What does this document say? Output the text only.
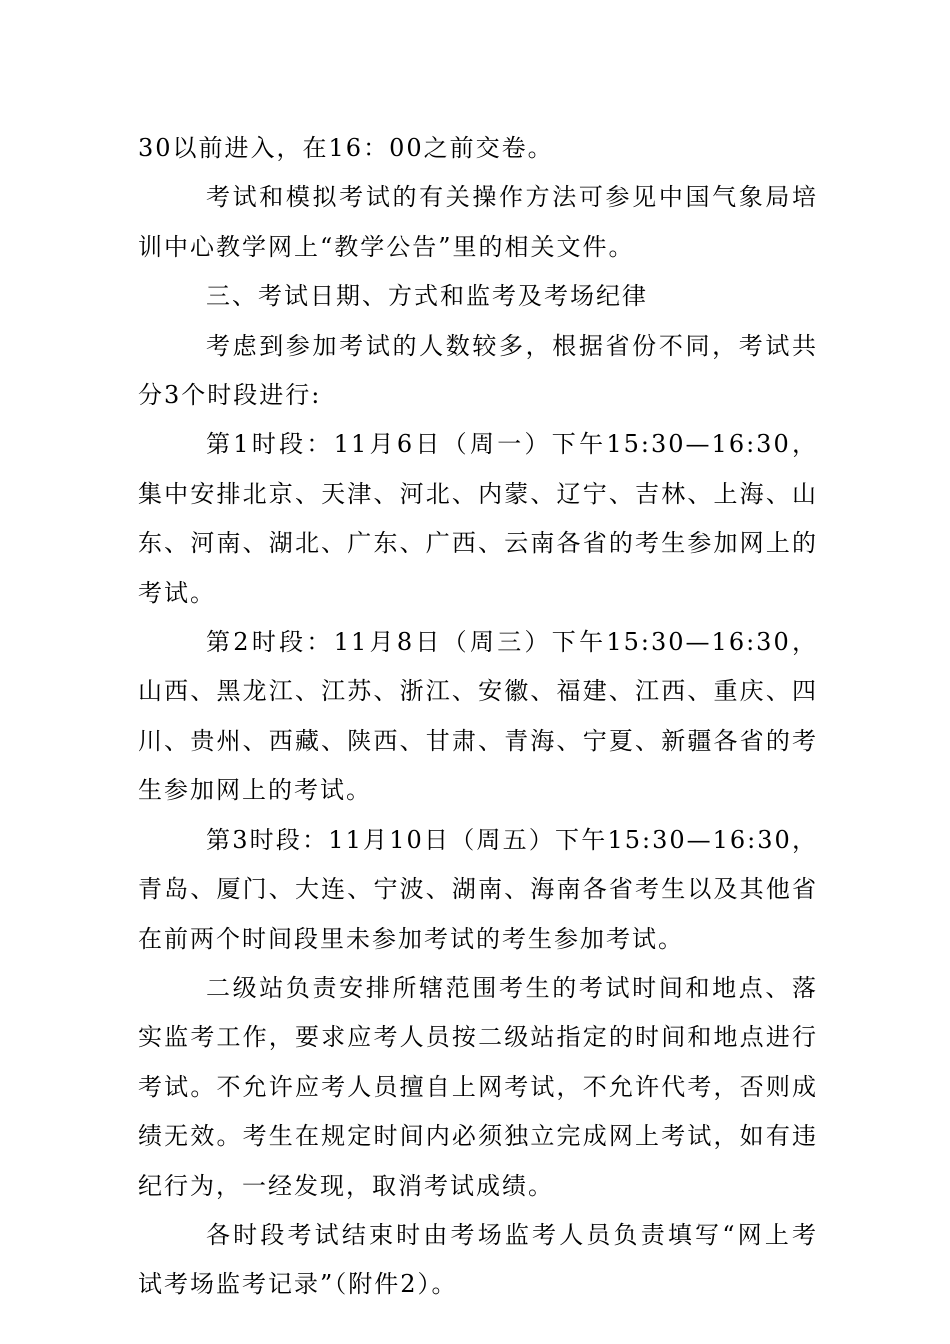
30以前进入，在16：00之前交卷。

考试和模拟考试的有关操作方法可参见中国气象局培训中心教学网上“教学公告”里的相关文件。

三、考试日期、方式和监考及考场纪律

考虑到参加考试的人数较多，根据省份不同，考试共分3个时段进行:

第1时段：11月6日（周一）下午15:30—16:30，集中安排北京、天津、河北、内蒙、辽宁、吉林、上海、山东、河南、湖北、广东、广西、云南各省的考生参加网上的考试。

第2时段：11月8日（周三）下午15:30—16:30，山西、黑龙江、江苏、浙江、安徽、福建、江西、重庆、四川、贵州、西藏、陕西、甘肃、青海、宁夏、新疆各省的考生参加网上的考试。

第3时段：11月10日（周五）下午15:30—16:30，青岛、厦门、大连、宁波、湖南、海南各省考生以及其他省在前两个时间段里未参加考试的考生参加考试。

二级站负责安排所辖范围考生的考试时间和地点、落实监考工作，要求应考人员按二级站指定的时间和地点进行考试。不允许应考人员擅自上网考试，不允许代考，否则成绩无效。考生在规定时间内必须独立完成网上考试，如有违纪行为，一经发现，取消考试成绩。

各时段考试结束时由考场监考人员负责填写“网上考试考场监考记录”（附件2）。
